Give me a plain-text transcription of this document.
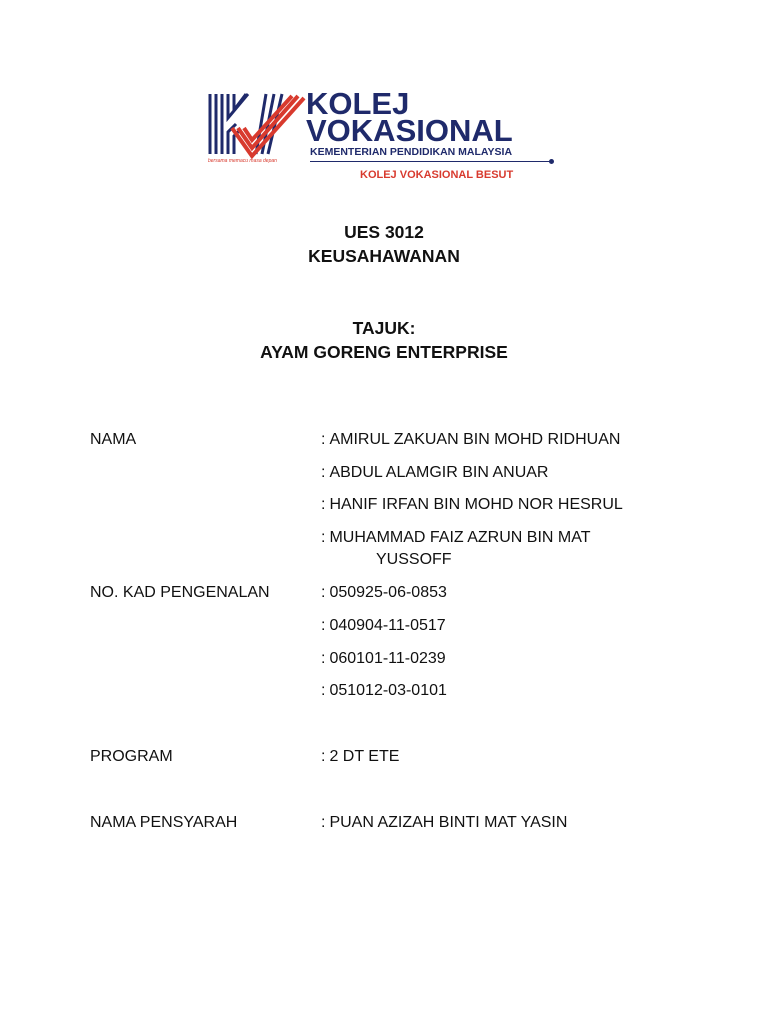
bersama memacu masa depan
KOLEJ
VOKASIONAL
KEMENTERIAN PENDIDIKAN MALAYSIA
KOLEJ VOKASIONAL BESUT
UES 3012
KEUSAHAWANAN
TAJUK:
AYAM GORENG ENTERPRISE
NAMA	: AMIRUL ZAKUAN BIN MOHD RIDHUAN
: ABDUL ALAMGIR BIN ANUAR
: HANIF IRFAN BIN MOHD NOR HESRUL
: MUHAMMAD FAIZ AZRUN BIN MAT
YUSSOFF
NO. KAD PENGENALAN	: 050925-06-0853
: 040904-11-0517
: 060101-11-0239
: 051012-03-0101
PROGRAM	: 2 DT ETE
NAMA PENSYARAH	: PUAN AZIZAH BINTI MAT YASIN
